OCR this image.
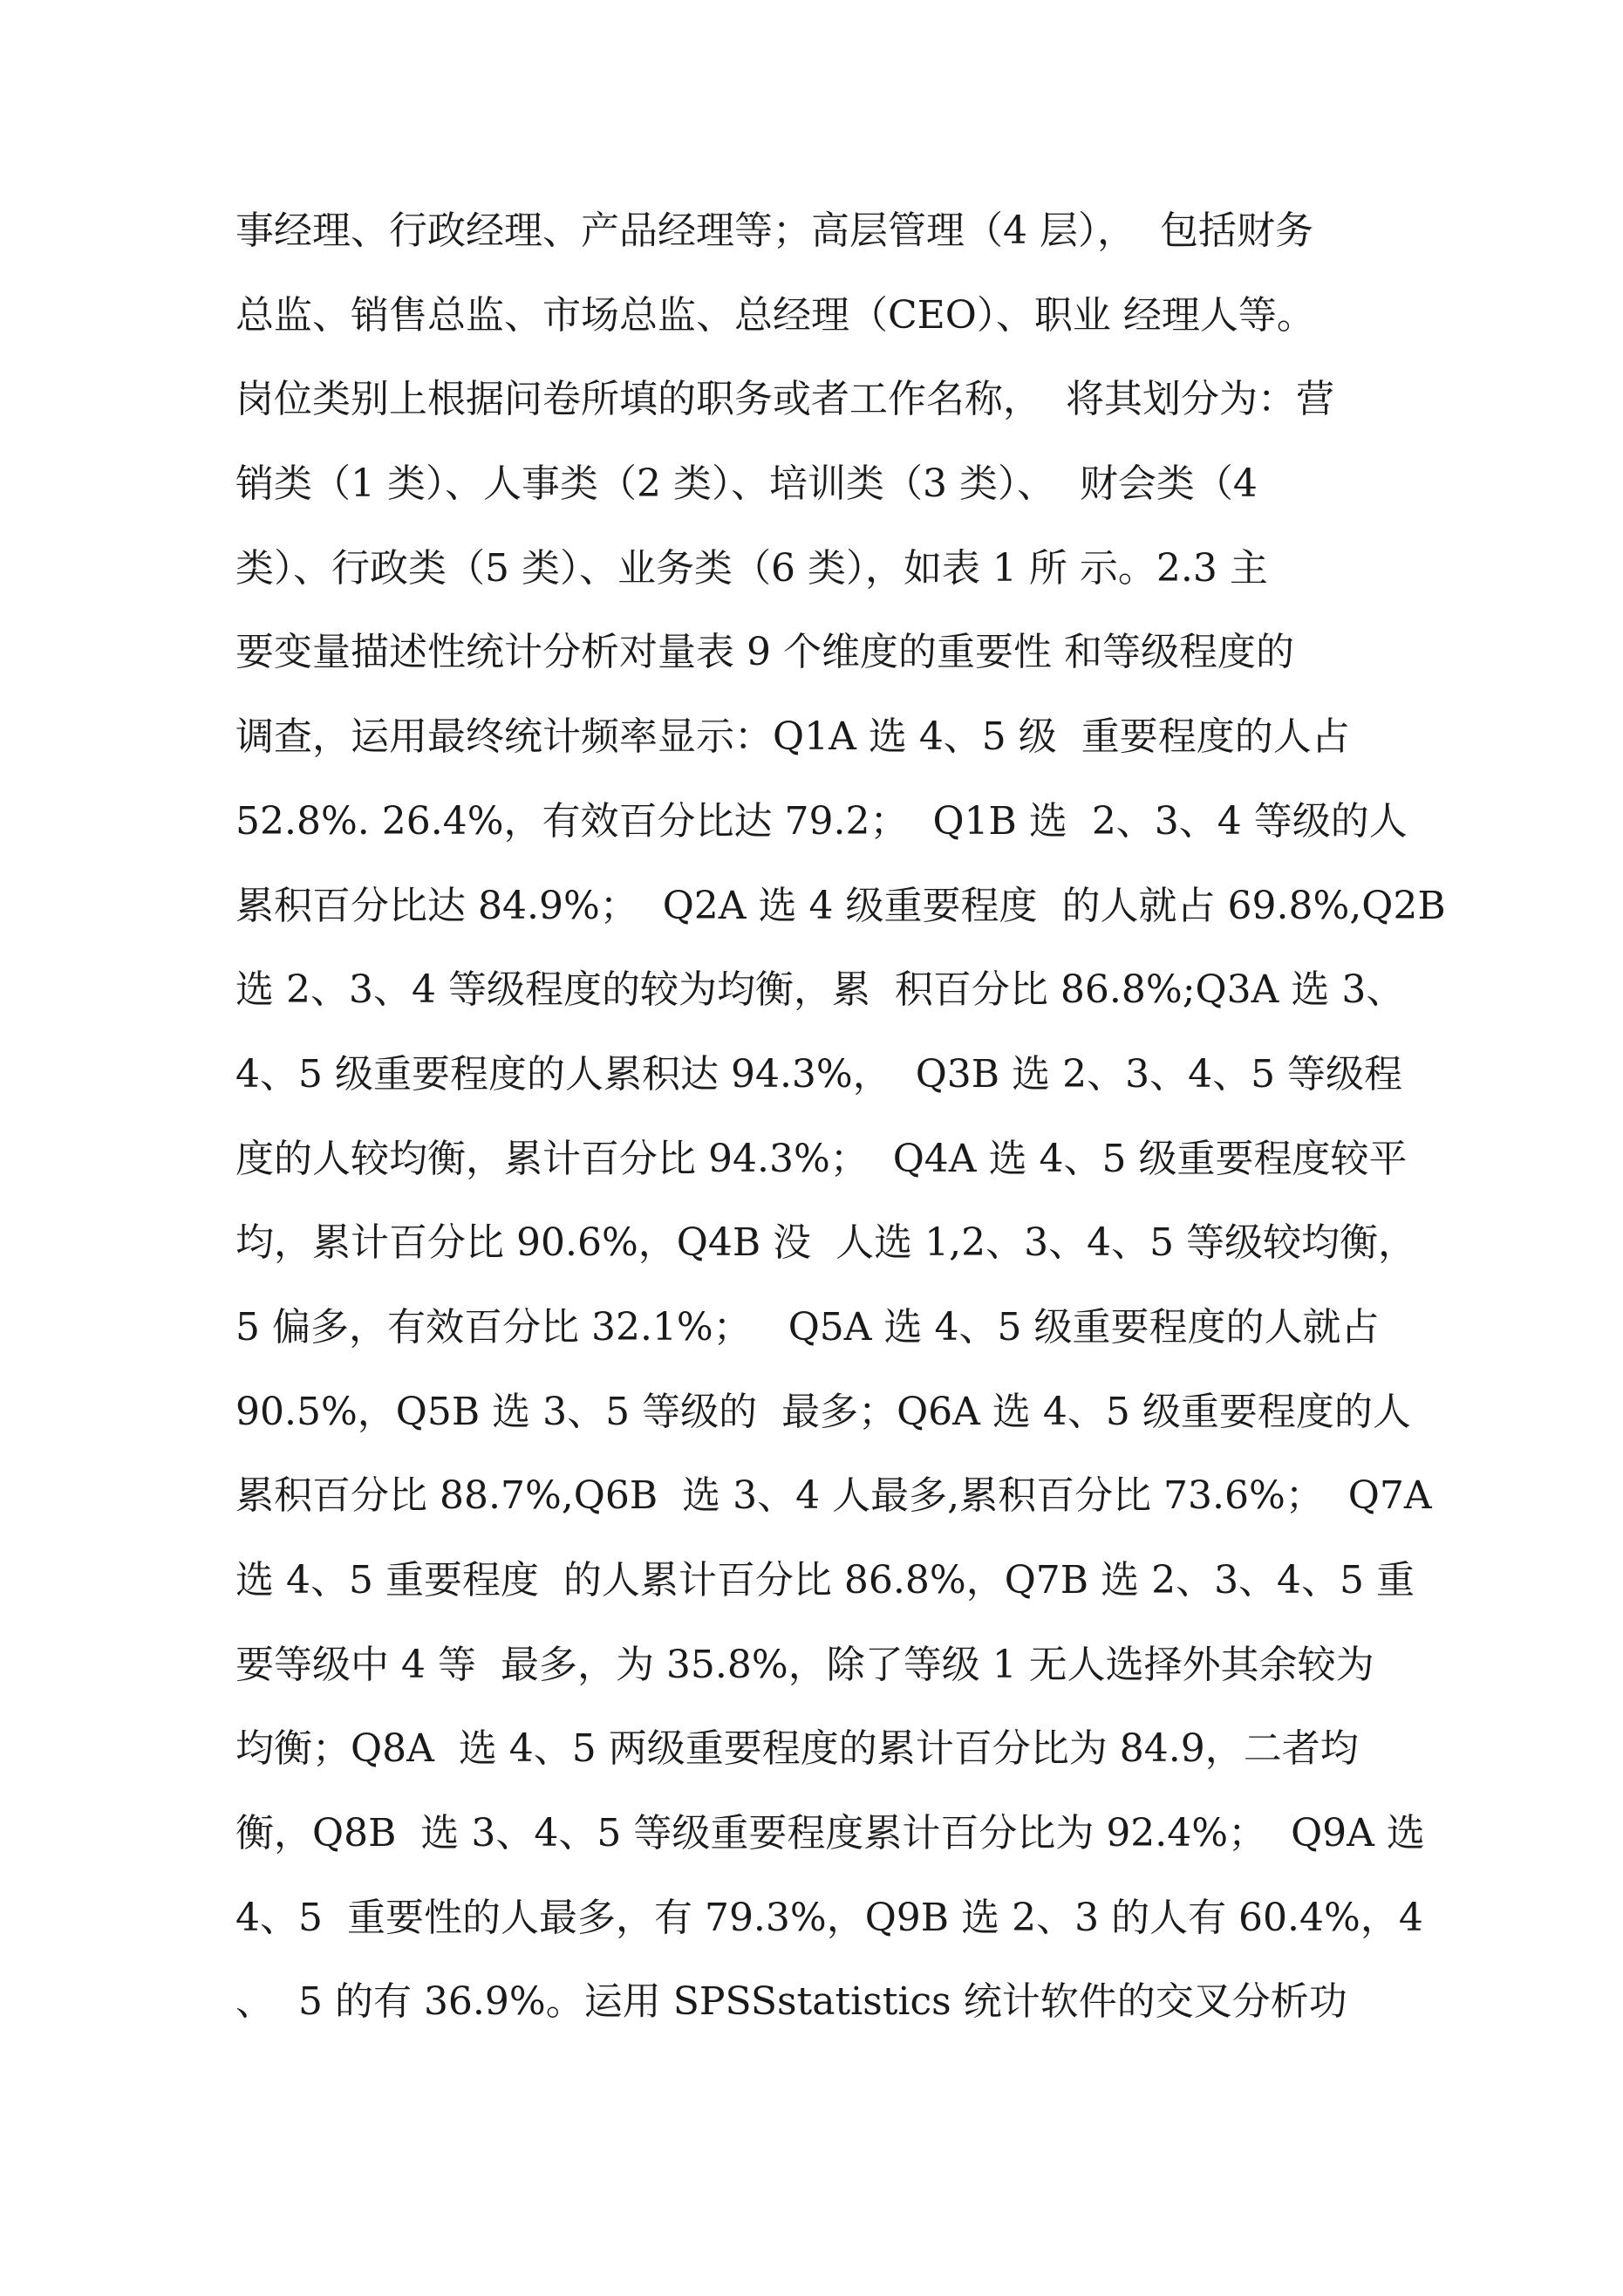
事经理、行政经理、产品经理等；高层管理（4 层），  包括财务
总监、销售总监、市场总监、总经理（CEO）、职业 经理人等。
岗位类别上根据问卷所填的职务或者工作名称，  将其划分为：营
销类（1 类）、人事类（2 类）、培训类（3 类）、  财会类（4
类）、行政类（5 类）、业务类（6 类），如表 1 所 示。2.3 主
要变量描述性统计分析对量表 9 个维度的重要性 和等级程度的
调查，运用最终统计频率显示：Q1A 选 4、5 级  重要程度的人占
52.8%. 26.4%，有效百分比达 79.2；  Q1B 选  2、3、4 等级的人
累积百分比达 84.9%；  Q2A 选 4 级重要程度  的人就占 69.8%,Q2B
选 2、3、4 等级程度的较为均衡，累  积百分比 86.8%;Q3A 选 3、
4、5 级重要程度的人累积达 94.3%，  Q3B 选 2、3、4、5 等级程
度的人较均衡，累计百分比 94.3%；  Q4A 选 4、5 级重要程度较平
均，累计百分比 90.6%，Q4B 没  人选 1,2、3、4、5 等级较均衡，
5 偏多，有效百分比 32.1%；   Q5A 选 4、5 级重要程度的人就占
90.5%，Q5B 选 3、5 等级的  最多；Q6A 选 4、5 级重要程度的人
累积百分比 88.7%,Q6B  选 3、4 人最多,累积百分比 73.6%；  Q7A
选 4、5 重要程度  的人累计百分比 86.8%，Q7B 选 2、3、4、5 重
要等级中 4 等  最多，为 35.8%，除了等级 1 无人选择外其余较为
均衡；Q8A  选 4、5 两级重要程度的累计百分比为 84.9，二者均
衡，Q8B  选 3、4、5 等级重要程度累计百分比为 92.4%；  Q9A 选
4、5  重要性的人最多，有 79.3%，Q9B 选 2、3 的人有 60.4%，4
、  5 的有 36.9%。运用 SPSSstatistics 统计软件的交叉分析功
